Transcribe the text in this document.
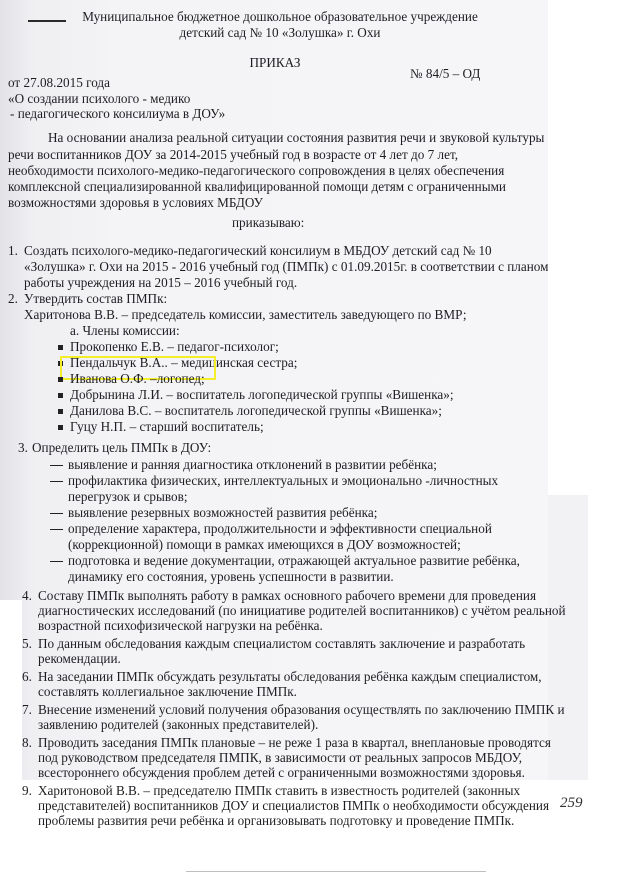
Муниципальное бюджетное дошкольное образовательное учреждение
детский сад № 10 «Золушка» г. Охи
ПРИКАЗ
от 27.08.2015 года
№ 84/5 – ОД
«О создании психолого - медико
- педагогического консилиума в ДОУ»
На основании анализа реальной ситуации состояния развития речи и звуковой культуры
речи воспитанников ДОУ за 2014-2015 учебный год в возрасте от 4 лет до 7 лет,
необходимости психолого-медико-педагогического сопровождения в целях обеспечения
комплексной специализированной квалифицированной помощи детям с ограниченными
возможностями здоровья в условиях МБДОУ
приказываю:
1. Создать психолого-медико-педагогический консилиум в МБДОУ детский сад № 10
«Золушка» г. Охи на 2015 - 2016 учебный год (ПМПк) с 01.09.2015г. в соответствии с планом
работы учреждения на 2015 – 2016 учебный год.
2. Утвердить состав ПМПк:
Харитонова В.В. – председатель комиссии, заместитель заведующего по ВМР;
а. Члены комиссии:
Прокопенко Е.В. – педагог-психолог;
Пендальчук В.А.. – медицинская сестра;
Иванова О.Ф. –логопед;
Добрынина Л.И. – воспитатель логопедической группы «Вишенка»;
Данилова В.С. – воспитатель логопедической группы «Вишенка»;
Гуцу Н.П. – старший воспитатель;
3. Определить цель ПМПк в ДОУ:
выявление и ранняя диагностика отклонений в развитии ребёнка;
профилактика физических, интеллектуальных и эмоционально -личностных
перегрузок и срывов;
выявление резервных возможностей развития ребёнка;
определение характера, продолжительности и эффективности специальной
(коррекционной) помощи в рамках имеющихся в ДОУ возможностей;
подготовка и ведение документации, отражающей актуальное развитие ребёнка,
динамику его состояния, уровень успешности в развитии.
4. Составу ПМПк выполнять работу в рамках основного рабочего времени для проведения
диагностических исследований (по инициативе родителей воспитанников) с учётом реальной
возрастной психофизической нагрузки на ребёнка.
5. По данным обследования каждым специалистом составлять заключение и разработать
рекомендации.
6. На заседании ПМПк обсуждать результаты обследования ребёнка каждым специалистом,
составлять коллегиальное заключение ПМПк.
7. Внесение изменений условий получения образования осуществлять по заключению ПМПК и
заявлению родителей (законных представителей).
8. Проводить заседания ПМПк плановые – не реже 1 раза в квартал, внеплановые проводятся
под руководством председателя ПМПК, в зависимости от реальных запросов МБДОУ,
всестороннего обсуждения проблем детей с ограниченными возможностями здоровья.
9. Харитоновой В.В. – председателю ПМПк ставить в известность родителей (законных
представителей) воспитанников ДОУ и специалистов ПМПк о необходимости обсуждения
проблемы развития речи ребёнка и организовывать подготовку и проведение ПМПк.
259
